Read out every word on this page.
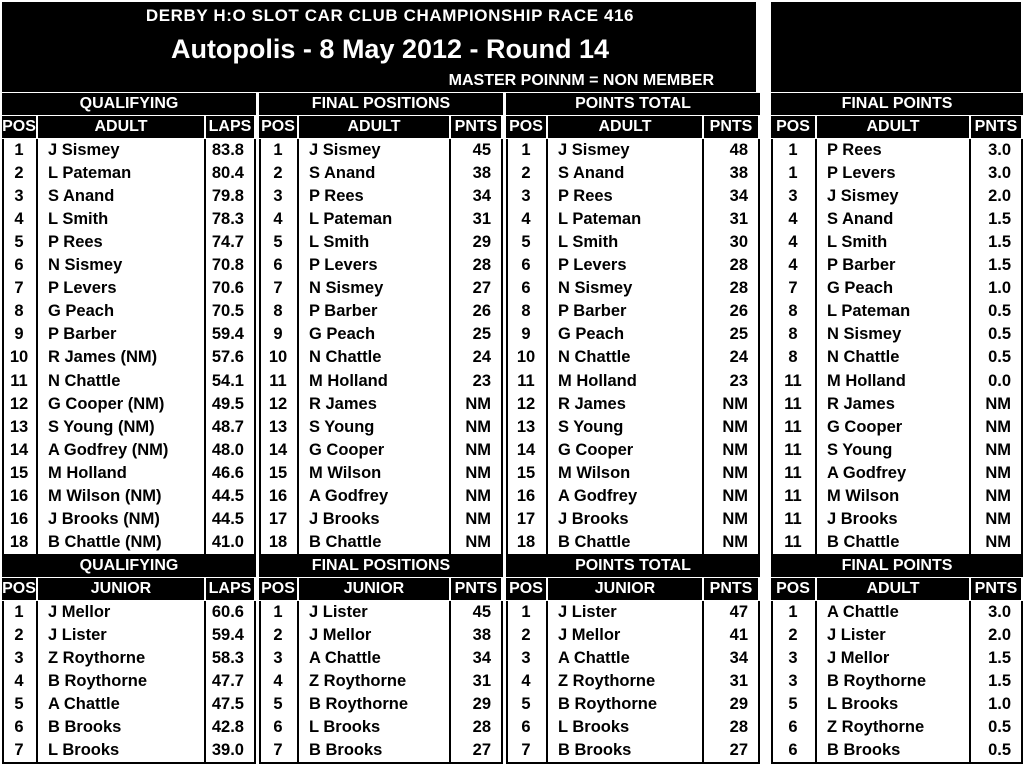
DERBY H:O SLOT CAR CLUB CHAMPIONSHIP RACE 416
Autopolis - 8 May 2012 - Round 14
MASTER POINNM = NON MEMBER
QUALIFYING
POS	ADULT	LAPS
1	J Sismey	83.8
2	L Pateman	80.4
3	S Anand	79.8
4	L Smith	78.3
5	P Rees	74.7
6	N Sismey	70.8
7	P Levers	70.6
8	G Peach	70.5
9	P Barber	59.4
10	R James (NM)	57.6
11	N Chattle	54.1
12	G Cooper (NM)	49.5
13	S Young (NM)	48.7
14	A Godfrey (NM)	48.0
15	M Holland	46.6
16	M Wilson (NM)	44.5
16	J Brooks (NM)	44.5
18	B Chattle (NM)	41.0
FINAL POSITIONS
POS	ADULT	PNTS
1	J Sismey	45
2	S Anand	38
3	P Rees	34
4	L Pateman	31
5	L Smith	29
6	P Levers	28
7	N Sismey	27
8	P Barber	26
9	G Peach	25
10	N Chattle	24
11	M Holland	23
12	R James	NM
13	S Young	NM
14	G Cooper	NM
15	M Wilson	NM
16	A Godfrey	NM
17	J Brooks	NM
18	B Chattle	NM
POINTS TOTAL
POS	ADULT	PNTS
1	J Sismey	48
2	S Anand	38
3	P Rees	34
4	L Pateman	31
5	L Smith	30
6	P Levers	28
6	N Sismey	28
8	P Barber	26
9	G Peach	25
10	N Chattle	24
11	M Holland	23
12	R James	NM
13	S Young	NM
14	G Cooper	NM
15	M Wilson	NM
16	A Godfrey	NM
17	J Brooks	NM
18	B Chattle	NM
FINAL POINTS
POS	ADULT	PNTS
1	P Rees	3.0
1	P Levers	3.0
3	J Sismey	2.0
4	S Anand	1.5
4	L Smith	1.5
4	P Barber	1.5
7	G Peach	1.0
8	L Pateman	0.5
8	N Sismey	0.5
8	N Chattle	0.5
11	M Holland	0.0
11	R James	NM
11	G Cooper	NM
11	S Young	NM
11	A Godfrey	NM
11	M Wilson	NM
11	J Brooks	NM
11	B Chattle	NM
QUALIFYING
POS	JUNIOR	LAPS
1	J Mellor	60.6
2	J Lister	59.4
3	Z Roythorne	58.3
4	B Roythorne	47.7
5	A Chattle	47.5
6	B Brooks	42.8
7	L Brooks	39.0
FINAL POSITIONS
POS	JUNIOR	PNTS
1	J Lister	45
2	J Mellor	38
3	A Chattle	34
4	Z Roythorne	31
5	B Roythorne	29
6	L Brooks	28
7	B Brooks	27
POINTS TOTAL
POS	JUNIOR	PNTS
1	J Lister	47
2	J Mellor	41
3	A Chattle	34
4	Z Roythorne	31
5	B Roythorne	29
6	L Brooks	28
7	B Brooks	27
FINAL POINTS
POS	ADULT	PNTS
1	A Chattle	3.0
2	J Lister	2.0
3	J Mellor	1.5
3	B Roythorne	1.5
5	L Brooks	1.0
6	Z Roythorne	0.5
6	B Brooks	0.5
